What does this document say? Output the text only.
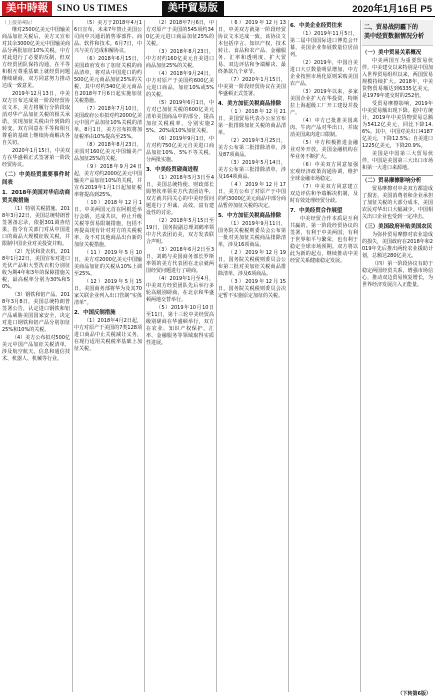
美中時報	SINO US TIMES	美中貿易版	2020年1月16日 P5
（上接第4版）

继对2500亿美元中国输美商品加征关税后，美方又宣布对其余3000亿美元中国输美商品分两批加征10%关税。中方对此进行了必要的反制，但双方经贸团队保持沟通，在平等和相互尊重基础上就经贸问题继续磋商，双方同意努力推动达成一致意见。

2019年12月13日，中美双方宣布达成第一阶段经贸协议文本，美方将履行分阶段取消对华产品加征关税的相关承诺，实现加征关税由升到降的转变。双方同意在平等和相互尊重的基础上继续协商解决各自关切。

2020年1月15日，中美双方在华盛顿正式签署第一阶段经贸协议。

（二）中美经贸重要事件时间表
1．2018年美国对华启动商贸关税措施

（1）特别关税措施。2018年3月22日，美国总统特朗普签署备忘录，依据301调查结果，指令有关部门对从中国进口的商品大规模征收关税，并限制中国企业对美投资并购。

（2）光伏和洗衣机。2018年1月22日，美国宣布对进口光伏产品和大型洗衣机分别征收为期4年和3年的保障措施关税，最高税率分别为30%和50%。

（3）钢铁和铝产品。2018年3月8日，美国总统特朗普签署公告，认定进口钢铁和铝产品威胁美国国家安全，决定对进口钢铁和铝产品分别加征25%和10%的关税。

（4）美方公布拟对500亿美元中国产品加征关税清单，涉及航空航天、信息和通信技术、机器人、机械等行业。

（5）美方于2018年4月16日宣布，未来7年禁止美国公司向中兴通讯销售零部件、商品、软件和技术。6月7日，中兴与美方达成和解协议。

（6）2018年6月15日，美国政府发布了加征关税的商品清单，将对从中国进口的约500亿美元商品加征25%的关税，其中对约340亿美元商品自2018年7月6日起实施加征关税措施。

（7）2018年7月10日，美国政府公布拟对约2000亿美元中国产品加征10%关税的清单。8月1日，美方宣布拟将加征税率由10%提高至25%。

（8）2018年8月23日，美国对160亿美元中国输美产品加征25%的关税。

（9）2018年9月24日起，美方对约2000亿美元中国输美产品加征10%的关税，并宣布2019年1月1日起加征税率将提高到25%。

（10）2018年12月1日，中美两国元首在阿根廷举行会晤，达成共识，停止升级关税等贸易限制措施，包括不再提高现有针对对方的关税税率，及不对其他商品出台新的加征关税措施。

（11）2019年5月10日，美方对2000亿美元中国输美商品加征的关税从10%上调至25%。

（12）2019年5月15日，美国商务部将华为及其70家关联企业列入出口管制“实体清单”。

2．中国反制措施

（1）2018年4月2日起，中方对原产于美国的7类128项进口商品中止关税减让义务，在现行适用关税税率基础上加征关税。

（2）2018年7月6日，中方对原产于美国的545项约340亿美元进口商品加征25%的关税。

（3）2018年8月23日，中方对约160亿美元自美进口商品加征25%的关税。

（4）2018年9月24日，中方对原产于美国约600亿美元进口商品，加征10%或5%的关税。

（5）2019年6月1日，中方对已加征关税的600亿美元清单美国商品中的部分，提高加征关税税率，分别实施25%、20%或10%加征关税。

（6）2019年9月1日，中方对约750亿美元自美进口商品加征10%、5%不等关税，分两批实施。

3．中美经贸磋商进程

（1）2018年5月3日至4日，美国总统特使、财政部长姆努钦率领美方代表团访华，双方就共同关心的中美经贸问题进行了坦诚、高效、富有建设性的讨论。

（2）2018年5月15日至19日，国务院副总理刘鹤率领中方代表团访美，双方发表联合声明。

（3）2018年6月2日至3日，刘鹤与美国商务部长罗斯率领的美方代表团在北京就两国经贸问题进行了磋商。

（4）2019年1月至4月，中美双方经贸团队先后举行多轮高级别磋商，在北京和华盛顿两地交替举行。

（5）2019年10月10日至11日，第十三轮中美经贸高级别磋商在华盛顿举行，双方在农业、知识产权保护、汇率、金融服务等领域取得实质性进展。

（6）2019年12月13日，中美双方就第一阶段经贸协议文本达成一致。该协议文本包括序言、知识产权、技术转让、食品和农产品、金融服务、汇率和透明度、扩大贸易、双边评估和争端解决、最终条款九个章节。

（7）2020年1月15日，中美第一阶段经贸协议在美国华盛顿正式签署。

4．美方加征关税商品排除

（1）2018年12月21日，美国贸易代表办公室宣布第一批排除加征关税的商品清单。

（2）2019年3月25日，美方公布第二批排除清单，涉及87项商品。

（3）2019年5月14日，美方公布第三批排除清单，涉及164项商品。

（4）2019年12月17日，美方公布了对原产于中国的约3000亿美元商品中部分商品暂停加征关税的决定。

5．中方加征关税商品排除

（1）2019年9月11日，国务院关税税则委员会公布第一批对美加征关税商品排除清单，涉及16项商品。

（2）2019年12月19日，国务院关税税则委员会公布第二批对美加征关税商品排除清单，涉及6项商品。

（3）2019年12月15日，国务院关税税则委员会决定暂不实施原定加征的关税。

6．中美企业经贸往来

（1）2019年11月5日，第二届中国国际进口博览会开幕，美国企业参展数量位居前列。

（2）2019年，中国自美进口大豆数量明显增加，中方企业按照市场化原则采购美国农产品。

（3）2019年以来，多家美国企业扩大在华投资，特斯拉上海超级工厂开工建设并投产。

（4）中方已批准美国禽肉、牛肉产品对华出口，并取消美国禽肉进口限制。

（5）中方积极推进金融业对外开放，美国金融机构在华业务不断扩大。

（6）中美双方同意加强宏观经济政策沟通协调，维护全球金融市场稳定。

（7）中美双方同意建立双边评估和争端解决机制，及时有效处理经贸分歧。

7．中美经贸合作展望

中美经贸合作本质是互利共赢的。第一阶段经贸协议的签署，有利于中美两国，有利于世界和平与繁荣，也有利于稳定全球市场预期。双方将以此为新的起点，继续推动中美经贸关系健康稳定发展。

二、贸易战阴霾下的
美中经贸数据情况分析
（一）美中贸易关系概况

中美两国互为重要贸易伙伴。中美建交以来特别是中国加入世界贸易组织以来，两国贸易规模持续扩大。2018年，中美货物贸易额达到6335亿美元，是1979年建交时的252倍。

受贸易摩擦影响，2019年中美贸易额出现下降。据中方统计，2019年中美货物贸易总额为5412亿美元，同比下降14.6%。其中，中国对美出口4187亿美元，下降12.5%；自美进口1225亿美元，下降20.9%。

美国是中国第三大贸易伙伴，中国是美国第三大出口市场和第一大进口来源地。

（二）贸易摩擦影响分析

贸易摩擦对中美双方都造成了损害。美国消费者和企业承担了加征关税的大部分成本，美国农民对华出口大幅减少。中国相关出口企业也受到一定冲击。

（三）美国政府补贴美国农民

为弥补贸易摩擦对农业造成的损失，美国政府在2018年和2019年先后推出两轮农业援助计划，总额达280亿美元。

（四）第一阶段协议有助于稳定两国经贸关系，增强市场信心，推动双边贸易恢复增长，为世界经济发展注入正能量。

（下转第6版）
